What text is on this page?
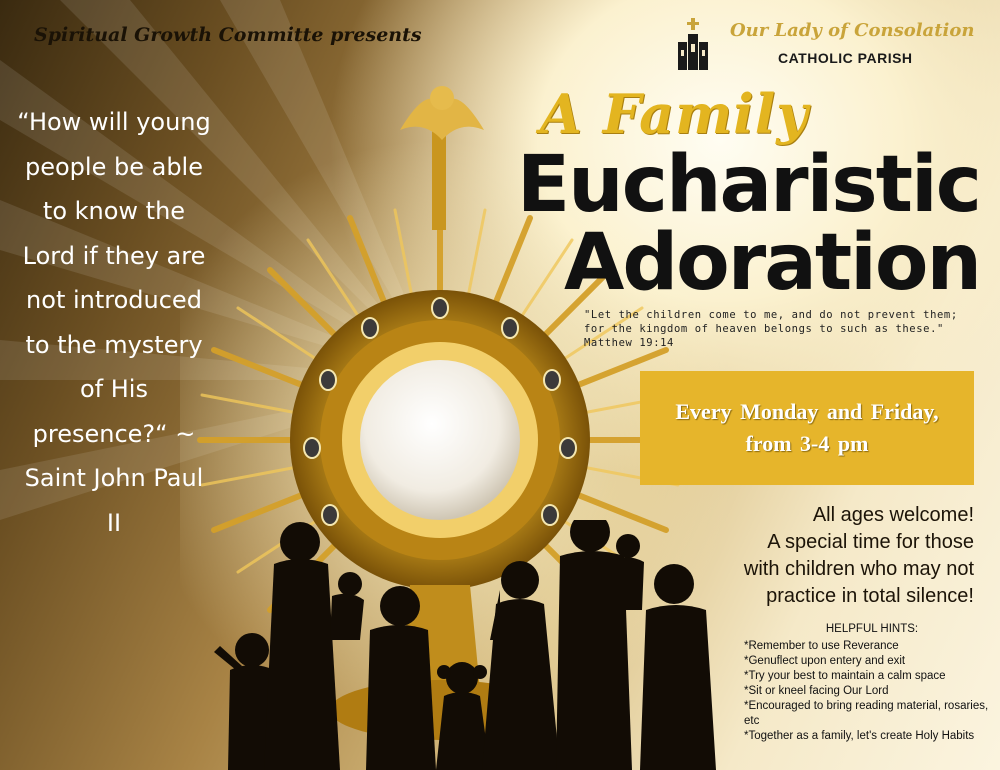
Spiritual Growth Committe presents	Our Lady of Consolation

CATHOLIC PARISH

“How will young people be able to know the Lord if they are not introduced to the mystery of His presence?“ ~ Saint John Paul II

A Family

Eucharistic

Adoration

"Let the children come to me, and do not prevent them; for the kingdom of heaven belongs to such as these." Matthew 19:14

Every Monday and Friday,
from 3-4 pm

All ages welcome!
A special time for those
with children who may not
practice in total silence!

HELPFUL HINTS:
*Remember to use Reverance
*Genuflect upon entery and exit
*Try your best to maintain a calm space
*Sit or kneel facing Our Lord
*Encouraged to bring reading material, rosaries, etc
*Together as a family, let's create Holy Habits
